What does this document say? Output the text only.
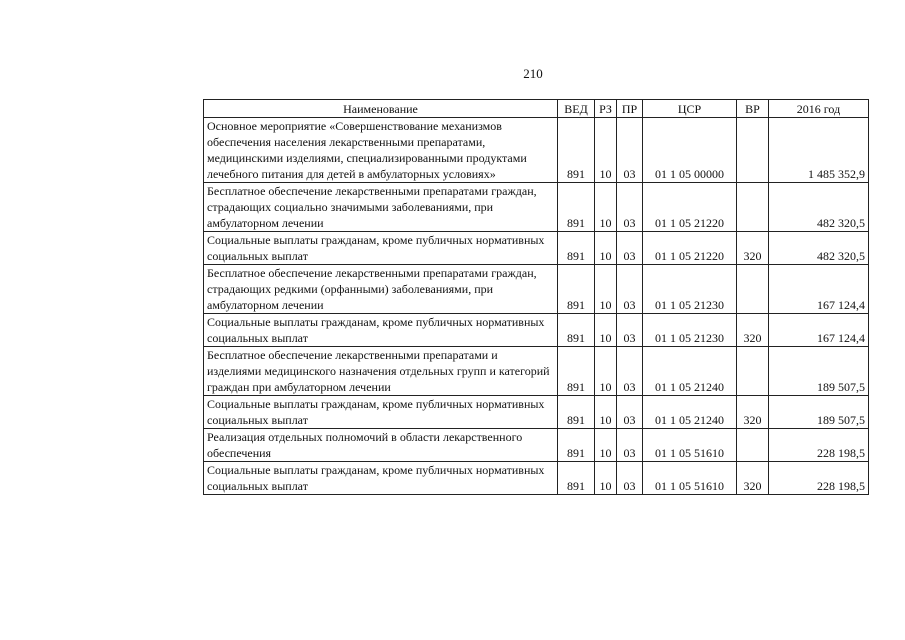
210
Наименование	ВЕД	РЗ	ПР	ЦСР	ВР	2016 год
Основное мероприятие «Совершенствование механизмов обеспечения населения лекарственными препаратами, медицинскими изделиями, специализированными продуктами лечебного питания для детей в амбулаторных условиях»	891	10	03	01 1 05 00000		1 485 352,9
Бесплатное обеспечение лекарственными препаратами граждан, страдающих социально значимыми заболеваниями, при амбулаторном лечении	891	10	03	01 1 05 21220		482 320,5
Социальные выплаты гражданам, кроме публичных нормативных социальных выплат	891	10	03	01 1 05 21220	320	482 320,5
Бесплатное обеспечение лекарственными препаратами граждан, страдающих редкими (орфанными) заболеваниями, при амбулаторном лечении	891	10	03	01 1 05 21230		167 124,4
Социальные выплаты гражданам, кроме публичных нормативных социальных выплат	891	10	03	01 1 05 21230	320	167 124,4
Бесплатное обеспечение лекарственными препаратами и изделиями медицинского назначения отдельных групп и категорий граждан при амбулаторном лечении	891	10	03	01 1 05 21240		189 507,5
Социальные выплаты гражданам, кроме публичных нормативных социальных выплат	891	10	03	01 1 05 21240	320	189 507,5
Реализация отдельных полномочий в области лекарственного обеспечения	891	10	03	01 1 05 51610		228 198,5
Социальные выплаты гражданам, кроме публичных нормативных социальных выплат	891	10	03	01 1 05 51610	320	228 198,5
